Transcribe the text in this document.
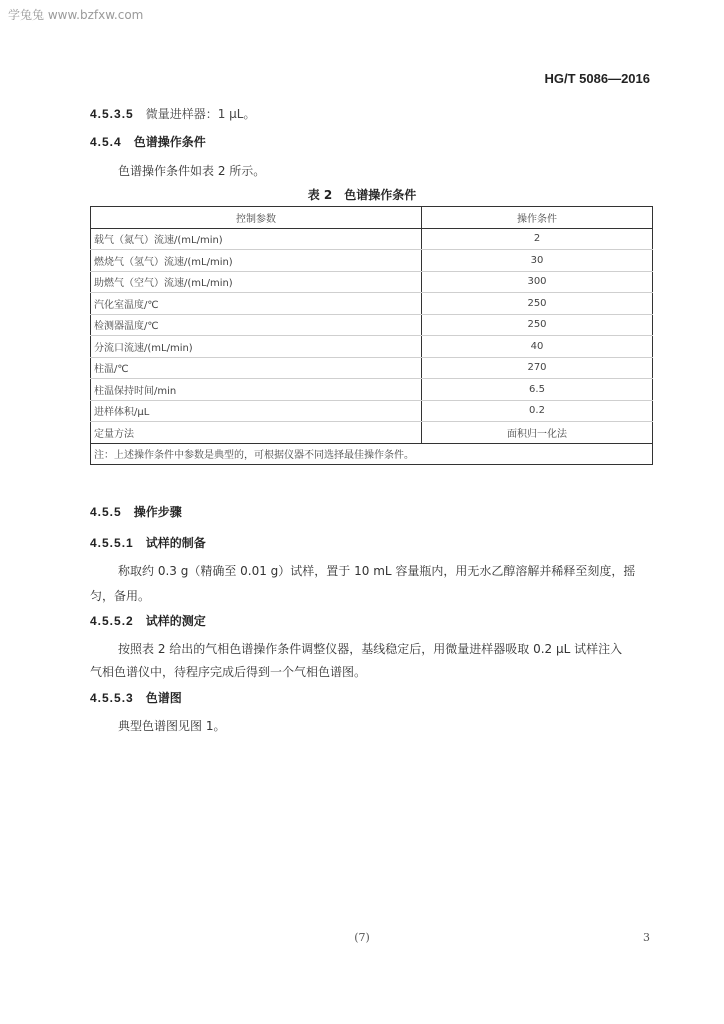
学兔兔 www.bzfxw.com
HG/T 5086—2016
4.5.3.5 微量进样器：1 μL。
4.5.4 色谱操作条件
色谱操作条件如表 2 所示。
表 2　色谱操作条件
控制参数	操作条件
载气（氮气）流速/(mL/min)	2
燃烧气（氢气）流速/(mL/min)	30
助燃气（空气）流速/(mL/min)	300
汽化室温度/℃	250
检测器温度/℃	250
分流口流速/(mL/min)	40
柱温/℃	270
柱温保持时间/min	6.5
进样体积/μL	0.2
定量方法	面积归一化法
注：上述操作条件中参数是典型的，可根据仪器不同选择最佳操作条件。	
4.5.5 操作步骤
4.5.5.1 试样的制备
称取约 0.3 g（精确至 0.01 g）试样，置于 10 mL 容量瓶内，用无水乙醇溶解并稀释至刻度，摇
匀，备用。
4.5.5.2 试样的测定
按照表 2 给出的气相色谱操作条件调整仪器，基线稳定后，用微量进样器吸取 0.2 μL 试样注入
气相色谱仪中，待程序完成后得到一个气相色谱图。
4.5.5.3 色谱图
典型色谱图见图 1。
(7)	3
